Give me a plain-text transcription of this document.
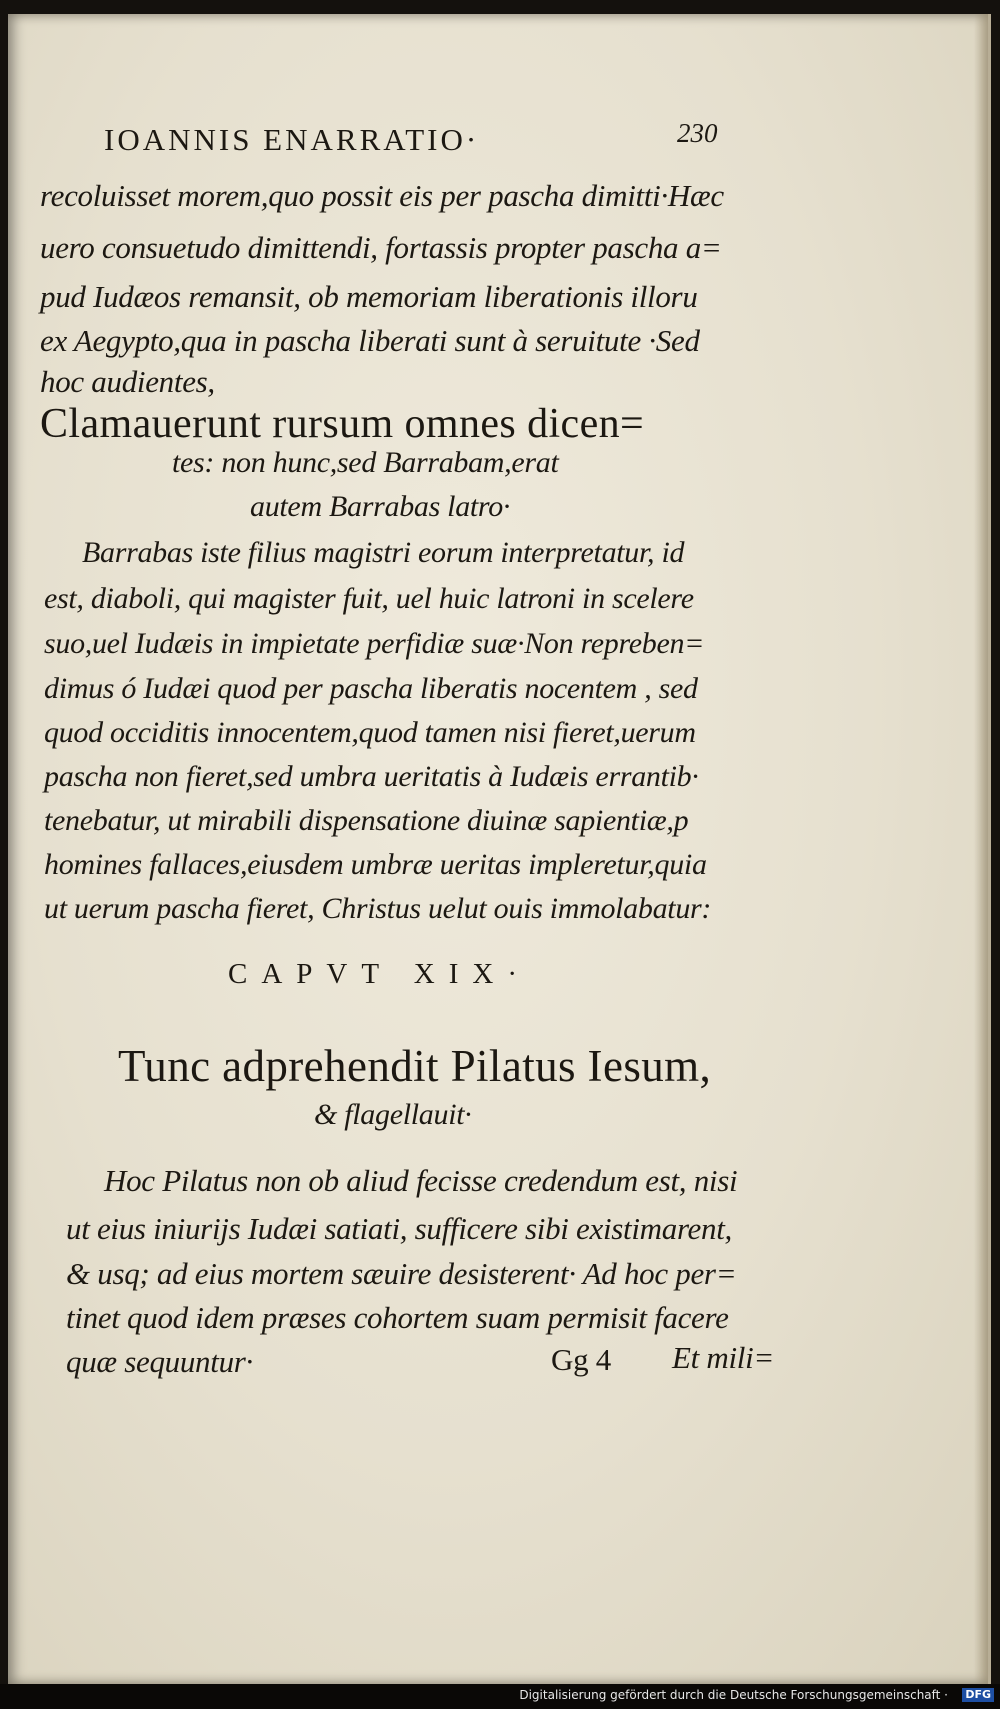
IOANNIS ENARRATIO·	230
recoluisset morem,quo possit eis per pascha dimitti·Hæc
uero consuetudo dimittendi, fortassis propter pascha a=
pud Iudæos remansit, ob memoriam liberationis illoru
ex Aegypto,qua in pascha liberati sunt à seruitute ·Sed
hoc audientes,
Clamauerunt rursum omnes dicen=
tes: non hunc,sed Barrabam,erat
autem Barrabas latro·
Barrabas iste filius magistri eorum interpretatur, id
est, diaboli, qui magister fuit, uel huic latroni in scelere
suo,uel Iudæis in impietate perfidiæ suæ·Non repreben=
dimus ó Iudæi quod per pascha liberatis nocentem , sed
quod occiditis innocentem,quod tamen nisi fieret,uerum
pascha non fieret,sed umbra ueritatis à Iudæis errantib·
tenebatur, ut mirabili dispensatione diuinæ sapientiæ,p
homines fallaces,eiusdem umbræ ueritas impleretur,quia
ut uerum pascha fieret, Christus uelut ouis immolabatur:
CAPVT XIX·
Tunc adprehendit Pilatus Iesum,
& flagellauit·
Hoc Pilatus non ob aliud fecisse credendum est, nisi
ut eius iniurijs Iudæi satiati, sufficere sibi existimarent,
& usq; ad eius mortem sæuire desisterent· Ad hoc per=
tinet quod idem præses cohortem suam permisit facere
quæ sequuntur·	Gg 4 Et mili=
Digitalisierung gefördert durch die Deutsche Forschungsgemeinschaft · DFG
